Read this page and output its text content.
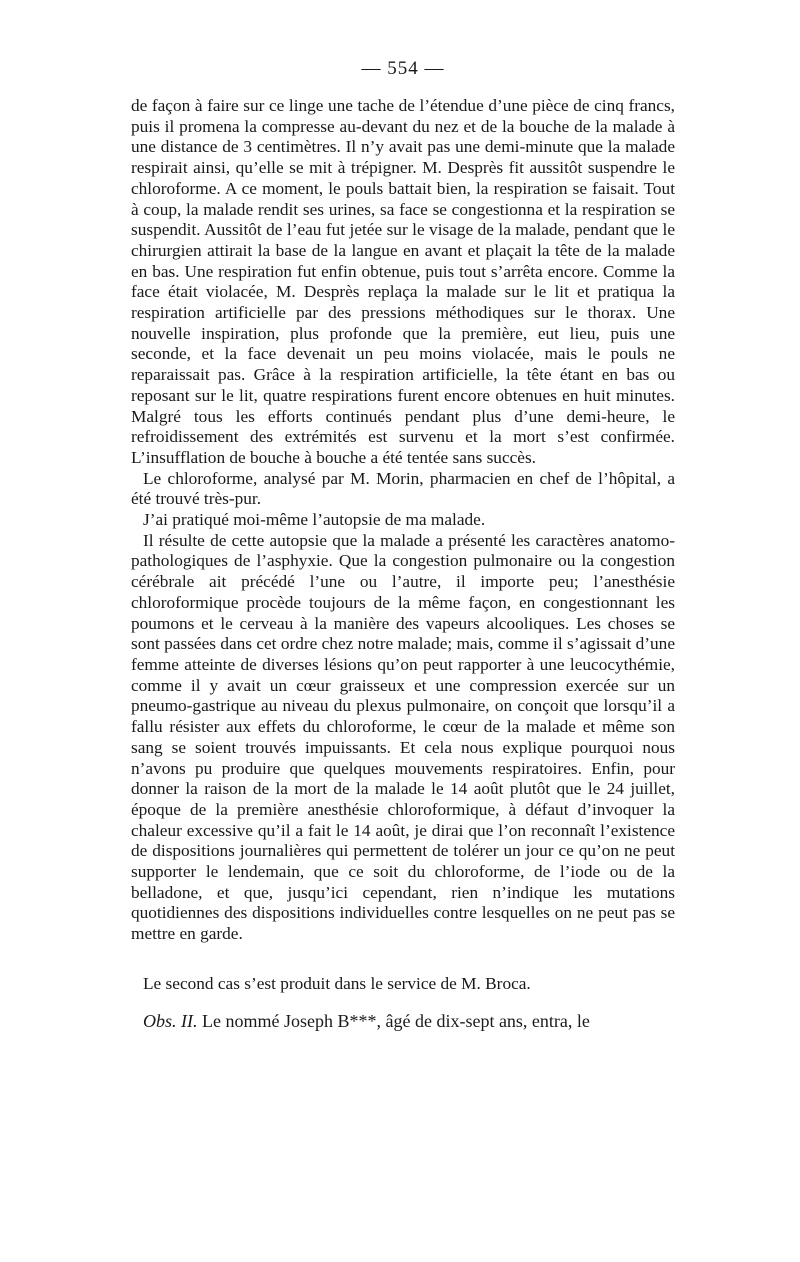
— 554 —

de façon à faire sur ce linge une tache de l’étendue d’une pièce de cinq francs, puis il promena la compresse au-devant du nez et de la bouche de la malade à une distance de 3 centimètres. Il n’y avait pas une demi-minute que la malade respirait ainsi, qu’elle se mit à trépigner. M. Desprès fit aussitôt suspendre le chloroforme. A ce moment, le pouls battait bien, la respiration se faisait. Tout à coup, la malade rendit ses urines, sa face se congestionna et la respiration se suspendit. Aussitôt de l’eau fut jetée sur le visage de la malade, pendant que le chirurgien attirait la base de la langue en avant et plaçait la tête de la malade en bas. Une respiration fut enfin obtenue, puis tout s’arrêta encore. Comme la face était violacée, M. Desprès replaça la malade sur le lit et pratiqua la respiration artificielle par des pressions méthodiques sur le thorax. Une nouvelle inspiration, plus profonde que la première, eut lieu, puis une seconde, et la face devenait un peu moins violacée, mais le pouls ne reparaissait pas. Grâce à la respiration artificielle, la tête étant en bas ou reposant sur le lit, quatre respirations furent encore obtenues en huit minutes. Malgré tous les efforts continués pendant plus d’une demi-heure, le refroidissement des extrémités est survenu et la mort s’est confirmée. L’insufflation de bouche à bouche a été tentée sans succès.

Le chloroforme, analysé par M. Morin, pharmacien en chef de l’hôpital, a été trouvé très-pur.

J’ai pratiqué moi-même l’autopsie de ma malade.

Il résulte de cette autopsie que la malade a présenté les caractères anatomo-pathologiques de l’asphyxie. Que la congestion pulmonaire ou la congestion cérébrale ait précédé l’une ou l’autre, il importe peu; l’anesthésie chloroformique procède toujours de la même façon, en congestionnant les poumons et le cerveau à la manière des vapeurs alcooliques. Les choses se sont passées dans cet ordre chez notre malade; mais, comme il s’agissait d’une femme atteinte de diverses lésions qu’on peut rapporter à une leucocythémie, comme il y avait un cœur graisseux et une compression exercée sur un pneumo-gastrique au niveau du plexus pulmonaire, on conçoit que lorsqu’il a fallu résister aux effets du chloroforme, le cœur de la malade et même son sang se soient trouvés impuissants. Et cela nous explique pourquoi nous n’avons pu produire que quelques mouvements respiratoires. Enfin, pour donner la raison de la mort de la malade le 14 août plutôt que le 24 juillet, époque de la première anesthésie chloroformique, à défaut d’invoquer la chaleur excessive qu’il a fait le 14 août, je dirai que l’on reconnaît l’existence de dispositions journalières qui permettent de tolérer un jour ce qu’on ne peut supporter le lendemain, que ce soit du chloroforme, de l’iode ou de la belladone, et que, jusqu’ici cependant, rien n’indique les mutations quotidiennes des dispositions individuelles contre lesquelles on ne peut pas se mettre en garde.

Le second cas s’est produit dans le service de M. Broca.

Obs. II. Le nommé Joseph B***, âgé de dix-sept ans, entra, le
